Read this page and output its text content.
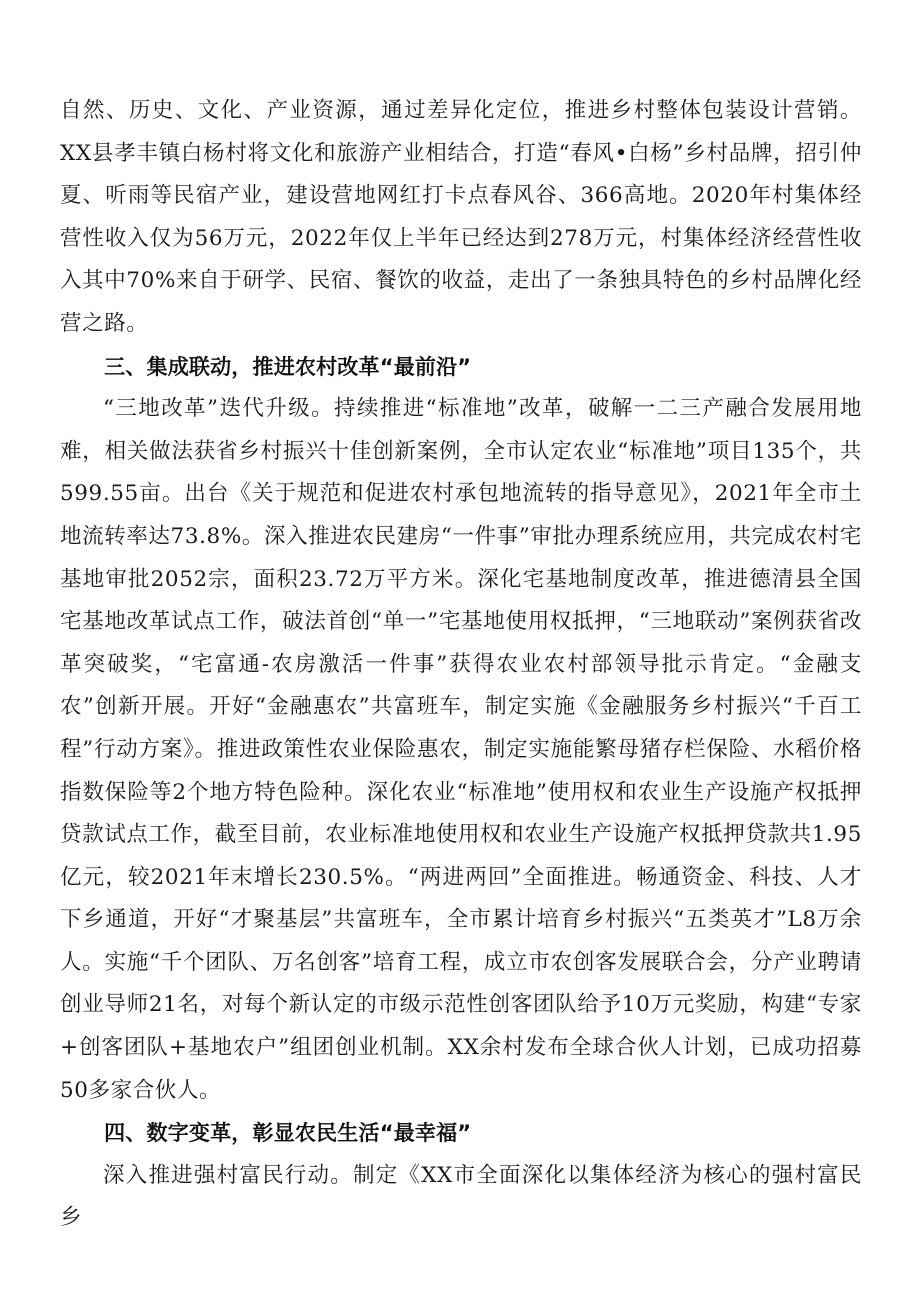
自然、历史、文化、产业资源，通过差异化定位，推进乡村整体包装设计营销。XX县孝丰镇白杨村将文化和旅游产业相结合，打造“春风•白杨”乡村品牌，招引仲夏、听雨等民宿产业，建设营地网红打卡点春风谷、366高地。2020年村集体经营性收入仅为56万元，2022年仅上半年已经达到278万元，村集体经济经营性收入其中70%来自于研学、民宿、餐饮的收益，走出了一条独具特色的乡村品牌化经营之路。

三、集成联动，推进农村改革“最前沿”

“三地改革”迭代升级。持续推进“标准地”改革，破解一二三产融合发展用地难，相关做法获省乡村振兴十佳创新案例，全市认定农业“标准地”项目135个，共599.55亩。出台《关于规范和促进农村承包地流转的指导意见》，2021年全市土地流转率达73.8%。深入推进农民建房“一件事”审批办理系统应用，共完成农村宅基地审批2052宗，面积23.72万平方米。深化宅基地制度改革，推进德清县全国宅基地改革试点工作，破法首创“单一”宅基地使用权抵押，“三地联动”案例获省改革突破奖，“宅富通-农房激活一件事”获得农业农村部领导批示肯定。“金融支农”创新开展。开好“金融惠农”共富班车，制定实施《金融服务乡村振兴“千百工程”行动方案》。推进政策性农业保险惠农，制定实施能繁母猪存栏保险、水稻价格指数保险等2个地方特色险种。深化农业“标准地”使用权和农业生产设施产权抵押贷款试点工作，截至目前，农业标准地使用权和农业生产设施产权抵押贷款共1.95亿元，较2021年末增长230.5%。“两进两回”全面推进。畅通资金、科技、人才下乡通道，开好“才聚基层”共富班车，全市累计培育乡村振兴“五类英才”L8万余人。实施“千个团队、万名创客”培育工程，成立市农创客发展联合会，分产业聘请创业导师21名，对每个新认定的市级示范性创客团队给予10万元奖励，构建“专家+创客团队+基地农户”组团创业机制。XX余村发布全球合伙人计划，已成功招募50多家合伙人。

四、数字变革，彰显农民生活“最幸福”

深入推进强村富民行动。制定《XX市全面深化以集体经济为核心的强村富民乡
